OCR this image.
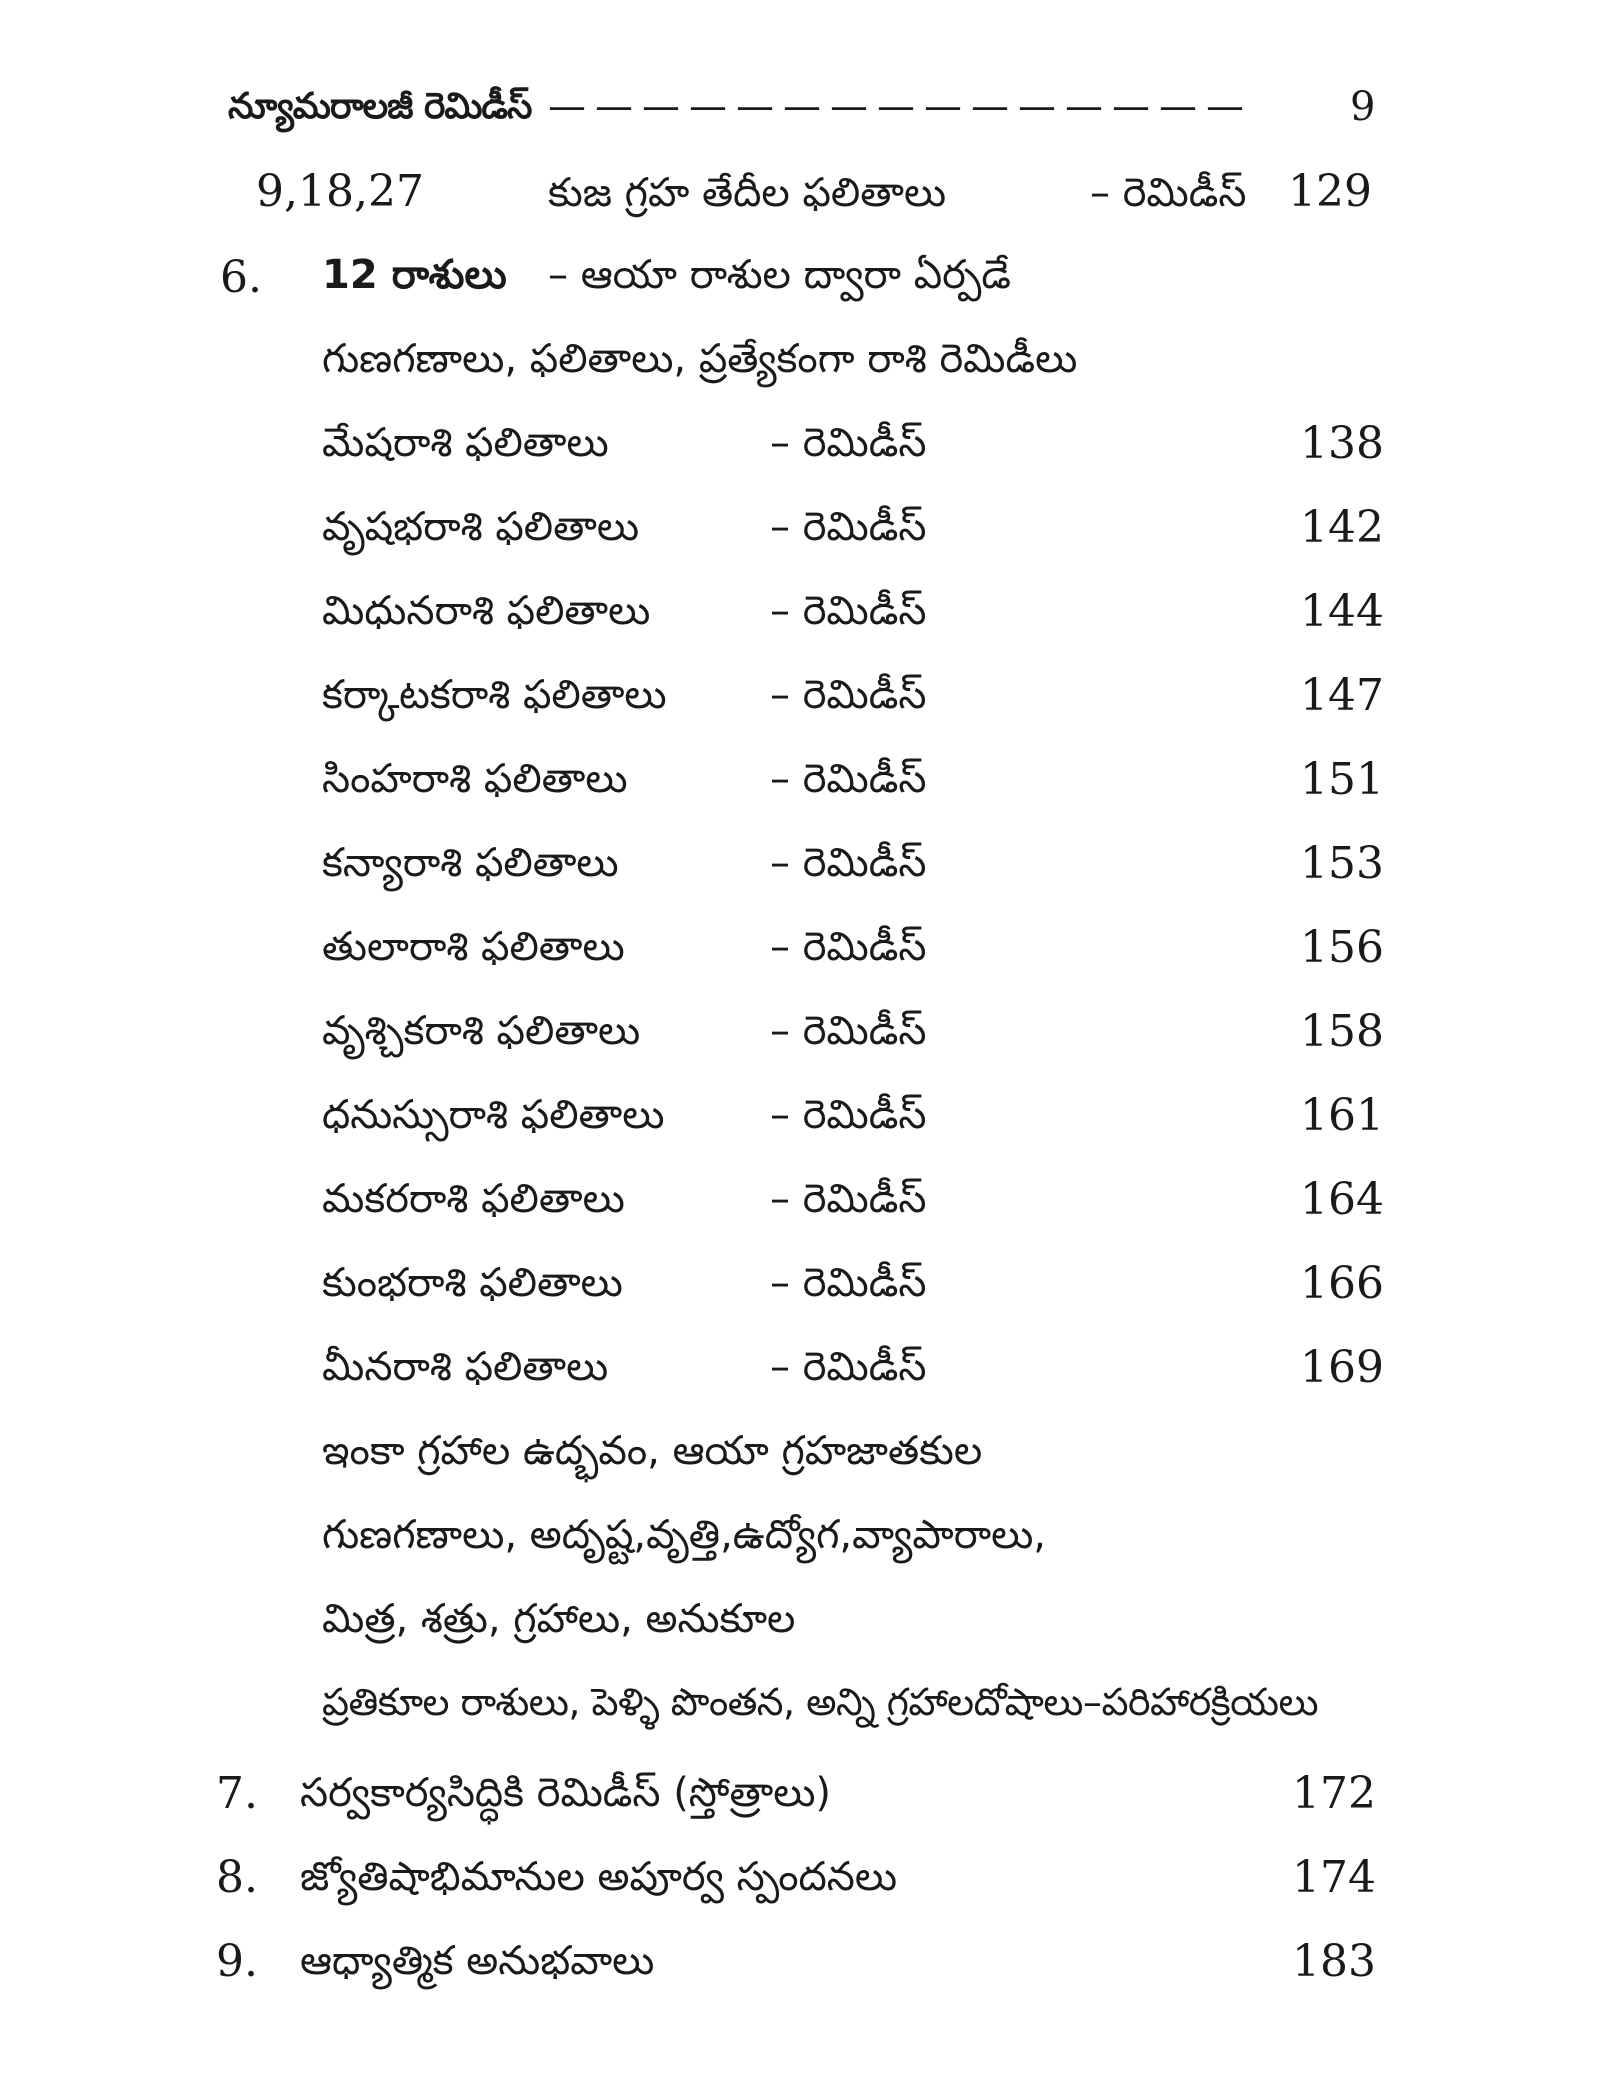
న్యూమరాలజీ రెమిడీస్ ——————————————— 9
9,18,27	కుజ గ్రహ తేదీల ఫలితాలు	– రెమిడీస్ 129
6. 12 రాశులు – ఆయా రాశుల ద్వారా ఏర్పడే
గుణగణాలు, ఫలితాలు, ప్రత్యేకంగా రాశి రెమిడీలు
మేషరాశి ఫలితాలు	– రెమిడీస్	138
వృషభరాశి ఫలితాలు	– రెమిడీస్	142
మిధునరాశి ఫలితాలు	– రెమిడీస్	144
కర్కాటకరాశి ఫలితాలు	– రెమిడీస్	147
సింహరాశి ఫలితాలు	– రెమిడీస్	151
కన్యారాశి ఫలితాలు	– రెమిడీస్	153
తులారాశి ఫలితాలు	– రెమిడీస్	156
వృశ్చికరాశి ఫలితాలు	– రెమిడీస్	158
ధనుస్సురాశి ఫలితాలు	– రెమిడీస్	161
మకరరాశి ఫలితాలు	– రెమిడీస్	164
కుంభరాశి ఫలితాలు	– రెమిడీస్	166
మీనరాశి ఫలితాలు	– రెమిడీస్	169
ఇంకా గ్రహాల ఉద్భవం, ఆయా గ్రహజాతకుల
గుణగణాలు, అదృష్ట,వృత్తి,ఉద్యోగ,వ్యాపారాలు,
మిత్ర, శత్రు, గ్రహాలు, అనుకూల
ప్రతికూల రాశులు, పెళ్ళి పొంతన, అన్ని గ్రహాలదోషాలు–పరిహారక్రియలు
7. సర్వకార్యసిద్ధికి రెమిడీస్ (స్తోత్రాలు)	172
8. జ్యోతిషాభిమానుల అపూర్వ స్పందనలు	174
9. ఆధ్యాత్మిక అనుభవాలు	183
